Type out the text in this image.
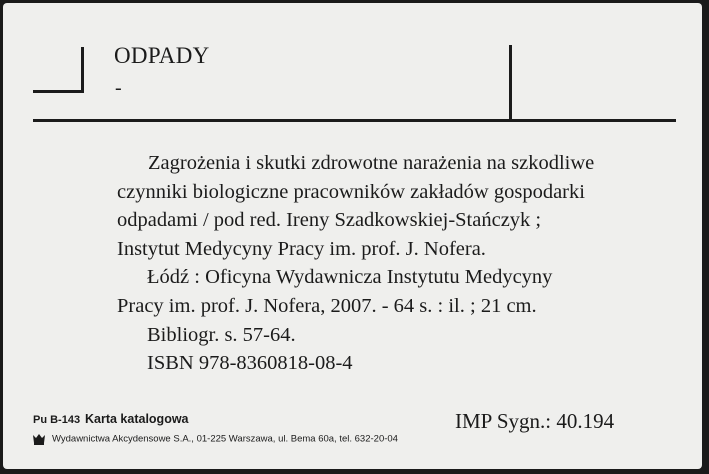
ODPADY
-
Zagrożenia i skutki zdrowotne narażenia na szkodliwe
czynniki biologiczne pracowników zakładów gospodarki
odpadami / pod red. Ireny Szadkowskiej-Stańczyk ;
Instytut Medycyny Pracy im. prof. J. Nofera.
Łódź : Oficyna Wydawnicza Instytutu Medycyny
Pracy im. prof. J. Nofera, 2007. - 64 s. : il. ; 21 cm.
Bibliogr. s. 57-64.
ISBN 978-8360818-08-4
Pu B-143 Karta katalogowa	IMP Sygn.: 40.194
Wydawnictwa Akcydensowe S.A., 01-225 Warszawa, ul. Bema 60a, tel. 632-20-04
